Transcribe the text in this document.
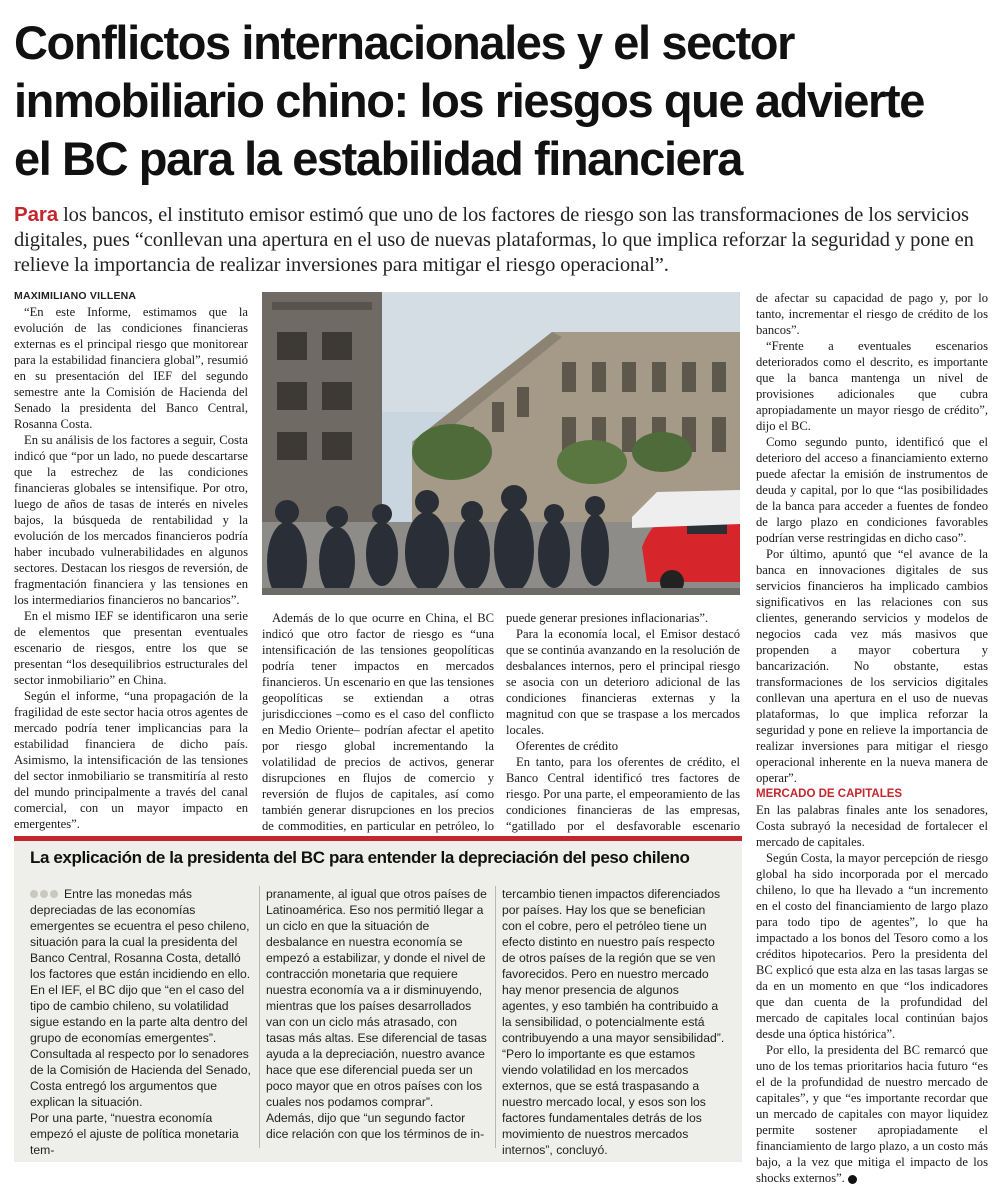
Conflictos internacionales y el sector
inmobiliario chino: los riesgos que advierte
el BC para la estabilidad financiera

Para los bancos, el instituto emisor estimó que uno de los factores de riesgo son las transformaciones de los servicios digitales, pues “conllevan una apertura en el uso de nuevas plataformas, lo que implica reforzar la seguridad y pone en relieve la importancia de realizar inversiones para mitigar el riesgo operacional”.

MAXIMILIANO VILLENA

“En este Informe, estimamos que la evolución de las condiciones financieras externas es el principal riesgo que monitorear para la estabilidad financiera global”, resumió en su presentación del IEF del segundo semestre ante la Comisión de Hacienda del Senado la presidenta del Banco Central, Rosanna Costa.

En su análisis de los factores a seguir, Costa indicó que “por un lado, no puede descartarse que la estrechez de las condiciones financieras globales se intensifique. Por otro, luego de años de tasas de interés en niveles bajos, la búsqueda de rentabilidad y la evolución de los mercados financieros podría haber incubado vulnerabilidades en algunos sectores. Destacan los riesgos de reversión, de fragmentación financiera y las tensiones en los intermediarios financieros no bancarios”.

En el mismo IEF se identificaron una serie de elementos que presentan eventuales escenario de riesgos, entre los que se presentan “los desequilibrios estructurales del sector inmobiliario” en China.

Según el informe, “una propagación de la fragilidad de este sector hacia otros agentes de mercado podría tener implicancias para la estabilidad financiera de dicho país. Asimismo, la intensificación de las tensiones del sector inmobiliario se transmitiría al resto del mundo principalmente a través del canal comercial, con un mayor impacto en emergentes”.

de afectar su capacidad de pago y, por lo tanto, incrementar el riesgo de crédito de los bancos”.

“Frente a eventuales escenarios deteriorados como el descrito, es importante que la banca mantenga un nivel de provisiones adicionales que cubra apropiadamente un mayor riesgo de crédito”, dijo el BC.

Como segundo punto, identificó que el deterioro del acceso a financiamiento externo puede afectar la emisión de instrumentos de deuda y capital, por lo que “las posibilidades de la banca para acceder a fuentes de fondeo de largo plazo en condiciones favorables podrían verse restringidas en dicho caso”.

Por último, apuntó que “el avance de la banca en innovaciones digitales de sus servicios financieros ha implicado cambios significativos en las relaciones con sus clientes, generando servicios y modelos de negocios cada vez más masivos que propenden a mayor cobertura y bancarización. No obstante, estas transformaciones de los servicios digitales conllevan una apertura en el uso de nuevas plataformas, lo que implica reforzar la seguridad y pone en relieve la importancia de realizar inversiones para mitigar el riesgo operacional inherente en la nueva manera de operar”.

MERCADO DE CAPITALES

En las palabras finales ante los senadores, Costa subrayó la necesidad de fortalecer el mercado de capitales.

Según Costa, la mayor percepción de riesgo global ha sido incorporada por el mercado chileno, lo que ha llevado a “un incremento en el costo del financiamiento de largo plazo para todo tipo de agentes”, lo que ha impactado a los bonos del Tesoro como a los créditos hipotecarios. Pero la presidenta del BC explicó que esta alza en las tasas largas se da en un momento en que “los indicadores que dan cuenta de la profundidad del mercado de capitales local continúan bajos desde una óptica histórica”.

Por ello, la presidenta del BC remarcó que uno de los temas prioritarios hacia futuro “es el de la profundidad de nuestro mercado de capitales”, y que “es importante recordar que un mercado de capitales con mayor liquidez permite sostener apropiadamente el financiamiento de largo plazo, a un costo más bajo, a la vez que mitiga el impacto de los shocks externos”. P

Además de lo que ocurre en China, el BC indicó que otro factor de riesgo es “una intensificación de las tensiones geopolíticas podría tener impactos en mercados financieros. Un escenario en que las tensiones geopolíticas se extiendan a otras jurisdicciones –como es el caso del conflicto en Medio Oriente– podrían afectar el apetito por riesgo global incrementando la volatilidad de precios de activos, generar disrupciones en flujos de comercio y reversión de flujos de capitales, así como también generar disrupciones en los precios de commodities, en particular en petróleo, lo

puede generar presiones inflacionarias”.

Para la economía local, el Emisor destacó que se continúa avanzando en la resolución de desbalances internos, pero el principal riesgo se asocia con un deterioro adicional de las condiciones financieras externas y la magnitud con que se traspase a los mercados locales.

Oferentes de crédito

En tanto, para los oferentes de crédito, el Banco Central identificó tres factores de riesgo. Por una parte, el empeoramiento de las condiciones financieras de las empresas, “gatillado por el desfavorable escenario

La explicación de la presidenta del BC para entender la depreciación del peso chileno

Entre las monedas más depreciadas de las economías emergentes se ecuentra el peso chileno, situación para la cual la presidenta del Banco Central, Rosanna Costa, detalló los factores que están incidiendo en ello.

En el IEF, el BC dijo que “en el caso del tipo de cambio chileno, su volatilidad sigue estando en la parte alta dentro del grupo de economías emergentes”.

Consultada al respecto por lo senadores de la Comisión de Hacienda del Senado, Costa entregó los argumentos que explican la situación.

Por una parte, “nuestra economía empezó el ajuste de política monetaria tem-

pranamente, al igual que otros países de Latinoamérica. Eso nos permitió llegar a un ciclo en que la situación de desbalance en nuestra economía se empezó a estabilizar, y donde el nivel de contracción monetaria que requiere nuestra economía va a ir disminuyendo, mientras que los países desarrollados van con un ciclo más atrasado, con tasas más altas. Ese diferencial de tasas ayuda a la depreciación, nuestro avance hace que ese diferencial pueda ser un poco mayor que en otros países con los cuales nos podamos comprar”.

Además, dijo que “un segundo factor dice relación con que los términos de in-

tercambio tienen impactos diferenciados por países. Hay los que se benefician con el cobre, pero el petróleo tiene un efecto distinto en nuestro país respecto de otros países de la región que se ven favorecidos. Pero en nuestro mercado hay menor presencia de algunos agentes, y eso también ha contribuido a la sensibilidad, o potencialmente está contribuyendo a una mayor sensibilidad”.

“Pero lo importante es que estamos viendo volatilidad en los mercados externos, que se está traspasando a nuestro mercado local, y esos son los factores fundamentales detrás de los movimiento de nuestros mercados internos”, concluyó.
